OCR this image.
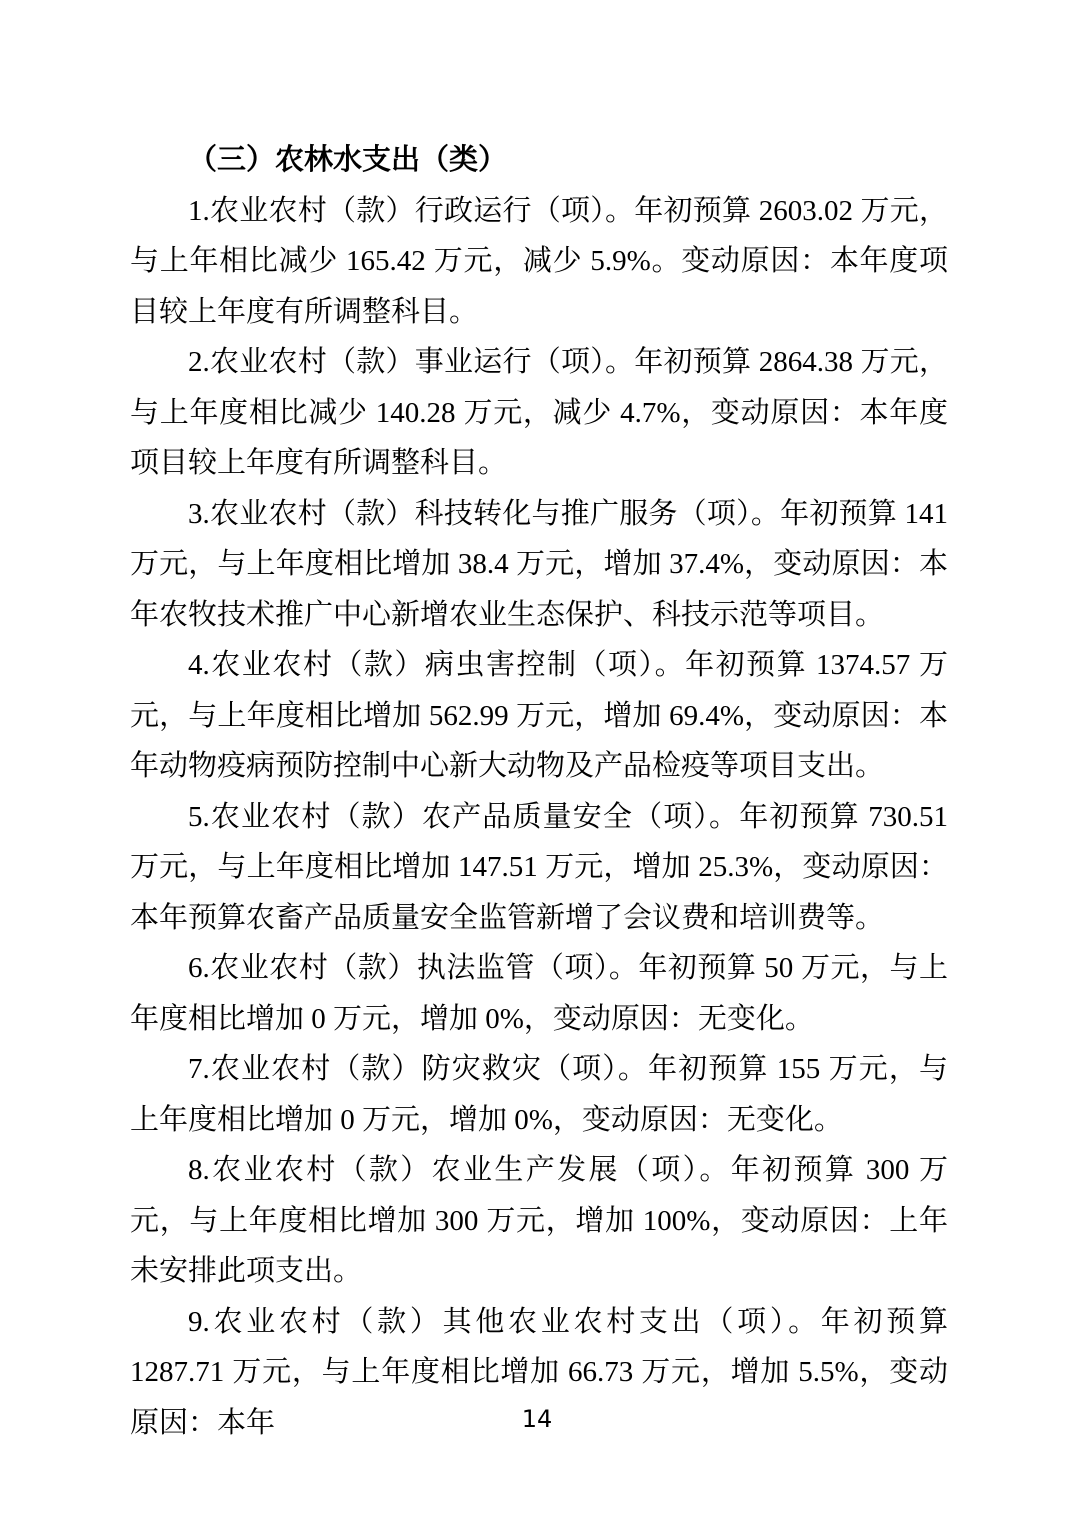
（三）农林水支出（类）

1.农业农村（款）行政运行（项）。年初预算 2603.02 万元，与上年相比减少 165.42 万元，减少 5.9%。变动原因：本年度项目较上年度有所调整科目。

2.农业农村（款）事业运行（项）。年初预算 2864.38 万元，与上年度相比减少 140.28 万元，减少 4.7%，变动原因：本年度项目较上年度有所调整科目。

3.农业农村（款）科技转化与推广服务（项）。年初预算 141 万元，与上年度相比增加 38.4 万元，增加 37.4%，变动原因：本年农牧技术推广中心新增农业生态保护、科技示范等项目。

4.农业农村（款）病虫害控制（项）。年初预算 1374.57 万元，与上年度相比增加 562.99 万元，增加 69.4%，变动原因：本年动物疫病预防控制中心新大动物及产品检疫等项目支出。

5.农业农村（款）农产品质量安全（项）。年初预算 730.51 万元，与上年度相比增加 147.51 万元，增加 25.3%，变动原因：本年预算农畜产品质量安全监管新增了会议费和培训费等。

6.农业农村（款）执法监管（项）。年初预算 50 万元，与上年度相比增加 0 万元，增加 0%，变动原因：无变化。

7.农业农村（款）防灾救灾（项）。年初预算 155 万元，与上年度相比增加 0 万元，增加 0%，变动原因：无变化。

8.农业农村（款）农业生产发展（项）。年初预算 300 万元，与上年度相比增加 300 万元，增加 100%，变动原因：上年未安排此项支出。

9.农业农村（款）其他农业农村支出（项）。年初预算 1287.71 万元，与上年度相比增加 66.73 万元，增加 5.5%，变动原因：本年	14
